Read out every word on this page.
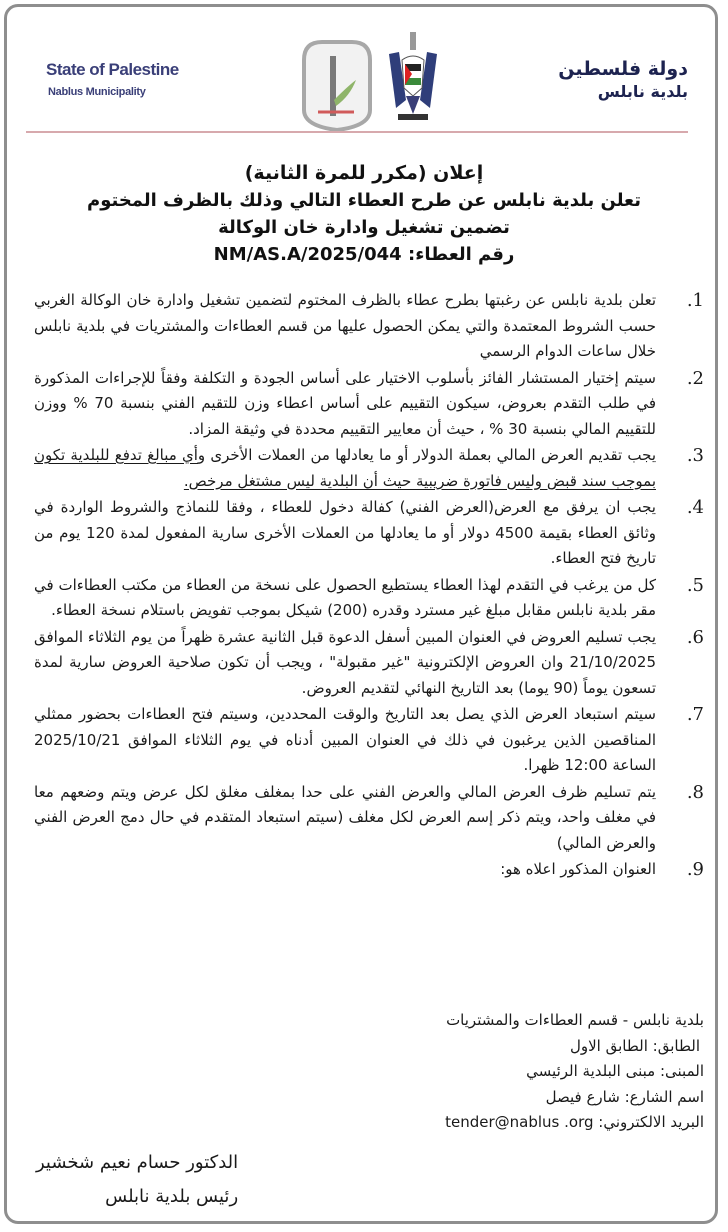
State of Palestine
Nablus Municipality
دولة فلسطين
بلدية نابلس
إعلان (مكرر للمرة الثانية)
تعلن بلدية نابلس عن طرح العطاء التالي وذلك بالظرف المختوم
تضمين تشغيل وادارة خان الوكالة
رقم العطاء: NM/AS.A/2025/044
.1
تعلن بلدية نابلس عن رغبتها بطرح عطاء بالظرف المختوم لتضمين تشغيل وادارة خان الوكالة الغربي حسب الشروط المعتمدة والتي يمكن الحصول عليها من قسم العطاءات والمشتريات في بلدية نابلس خلال ساعات الدوام الرسمي
.2
سيتم إختيار المستشار الفائز بأسلوب الاختيار على أساس الجودة و التكلفة وفقاً للإجراءات المذكورة في طلب التقدم بعروض، سيكون التقييم على أساس اعطاء وزن للتقيم الفني بنسبة 70 % ووزن للتقييم المالي بنسبة 30 % ، حيث أن معايير التقييم محددة في وثيقة المزاد.
.3
يجب تقديم العرض المالي بعملة الدولار أو ما يعادلها من العملات الأخرى وأي مبالغ تدفع للبلدية تكون بموجب سند قبض وليس فاتورة ضريبية حيث أن البلدية ليس مشتغل مرخص.
.4
يجب ان يرفق مع العرض(العرض الفني) كفالة دخول للعطاء ، وفقا للنماذج والشروط الواردة في وثائق العطاء بقيمة 4500 دولار أو ما يعادلها من العملات الأخرى سارية المفعول لمدة 120 يوم من تاريخ فتح العطاء.
.5
كل من يرغب في التقدم لهذا العطاء يستطيع الحصول على نسخة من العطاء من مكتب العطاءات في مقر بلدية نابلس مقابل مبلغ غير مسترد وقدره (200) شيكل بموجب تفويض باستلام نسخة العطاء.
.6
يجب تسليم العروض في العنوان المبين أسفل الدعوة قبل الثانية عشرة ظهراً من يوم الثلاثاء الموافق 21/10/2025 وان العروض الإلكترونية "غير مقبولة" ، ويجب أن تكون صلاحية العروض سارية لمدة تسعون يوماً (90 يوما) بعد التاريخ النهائي لتقديم العروض.
.7
سيتم استبعاد العرض الذي يصل بعد التاريخ والوقت المحددين، وسيتم فتح العطاءات بحضور ممثلي المناقصين الذين يرغبون في ذلك في العنوان المبين أدناه في يوم الثلاثاء الموافق 2025/10/21 الساعة 12:00 ظهرا.
.8
يتم تسليم ظرف العرض المالي والعرض الفني على حدا بمغلف مغلق لكل عرض ويتم وضعهم معا في مغلف واحد، ويتم ذكر إسم العرض لكل مغلف (سيتم استبعاد المتقدم في حال دمج العرض الفني والعرض المالي)
.9
العنوان المذكور اعلاه هو:
بلدية نابلس - قسم العطاءات والمشتريات
الطابق: الطابق الاول
المبنى: مبنى البلدية الرئيسي
اسم الشارع: شارع فيصل
البريد الالكتروني: tender@nablus .org
الدكتور حسام نعيم شخشير
رئيس بلدية نابلس
